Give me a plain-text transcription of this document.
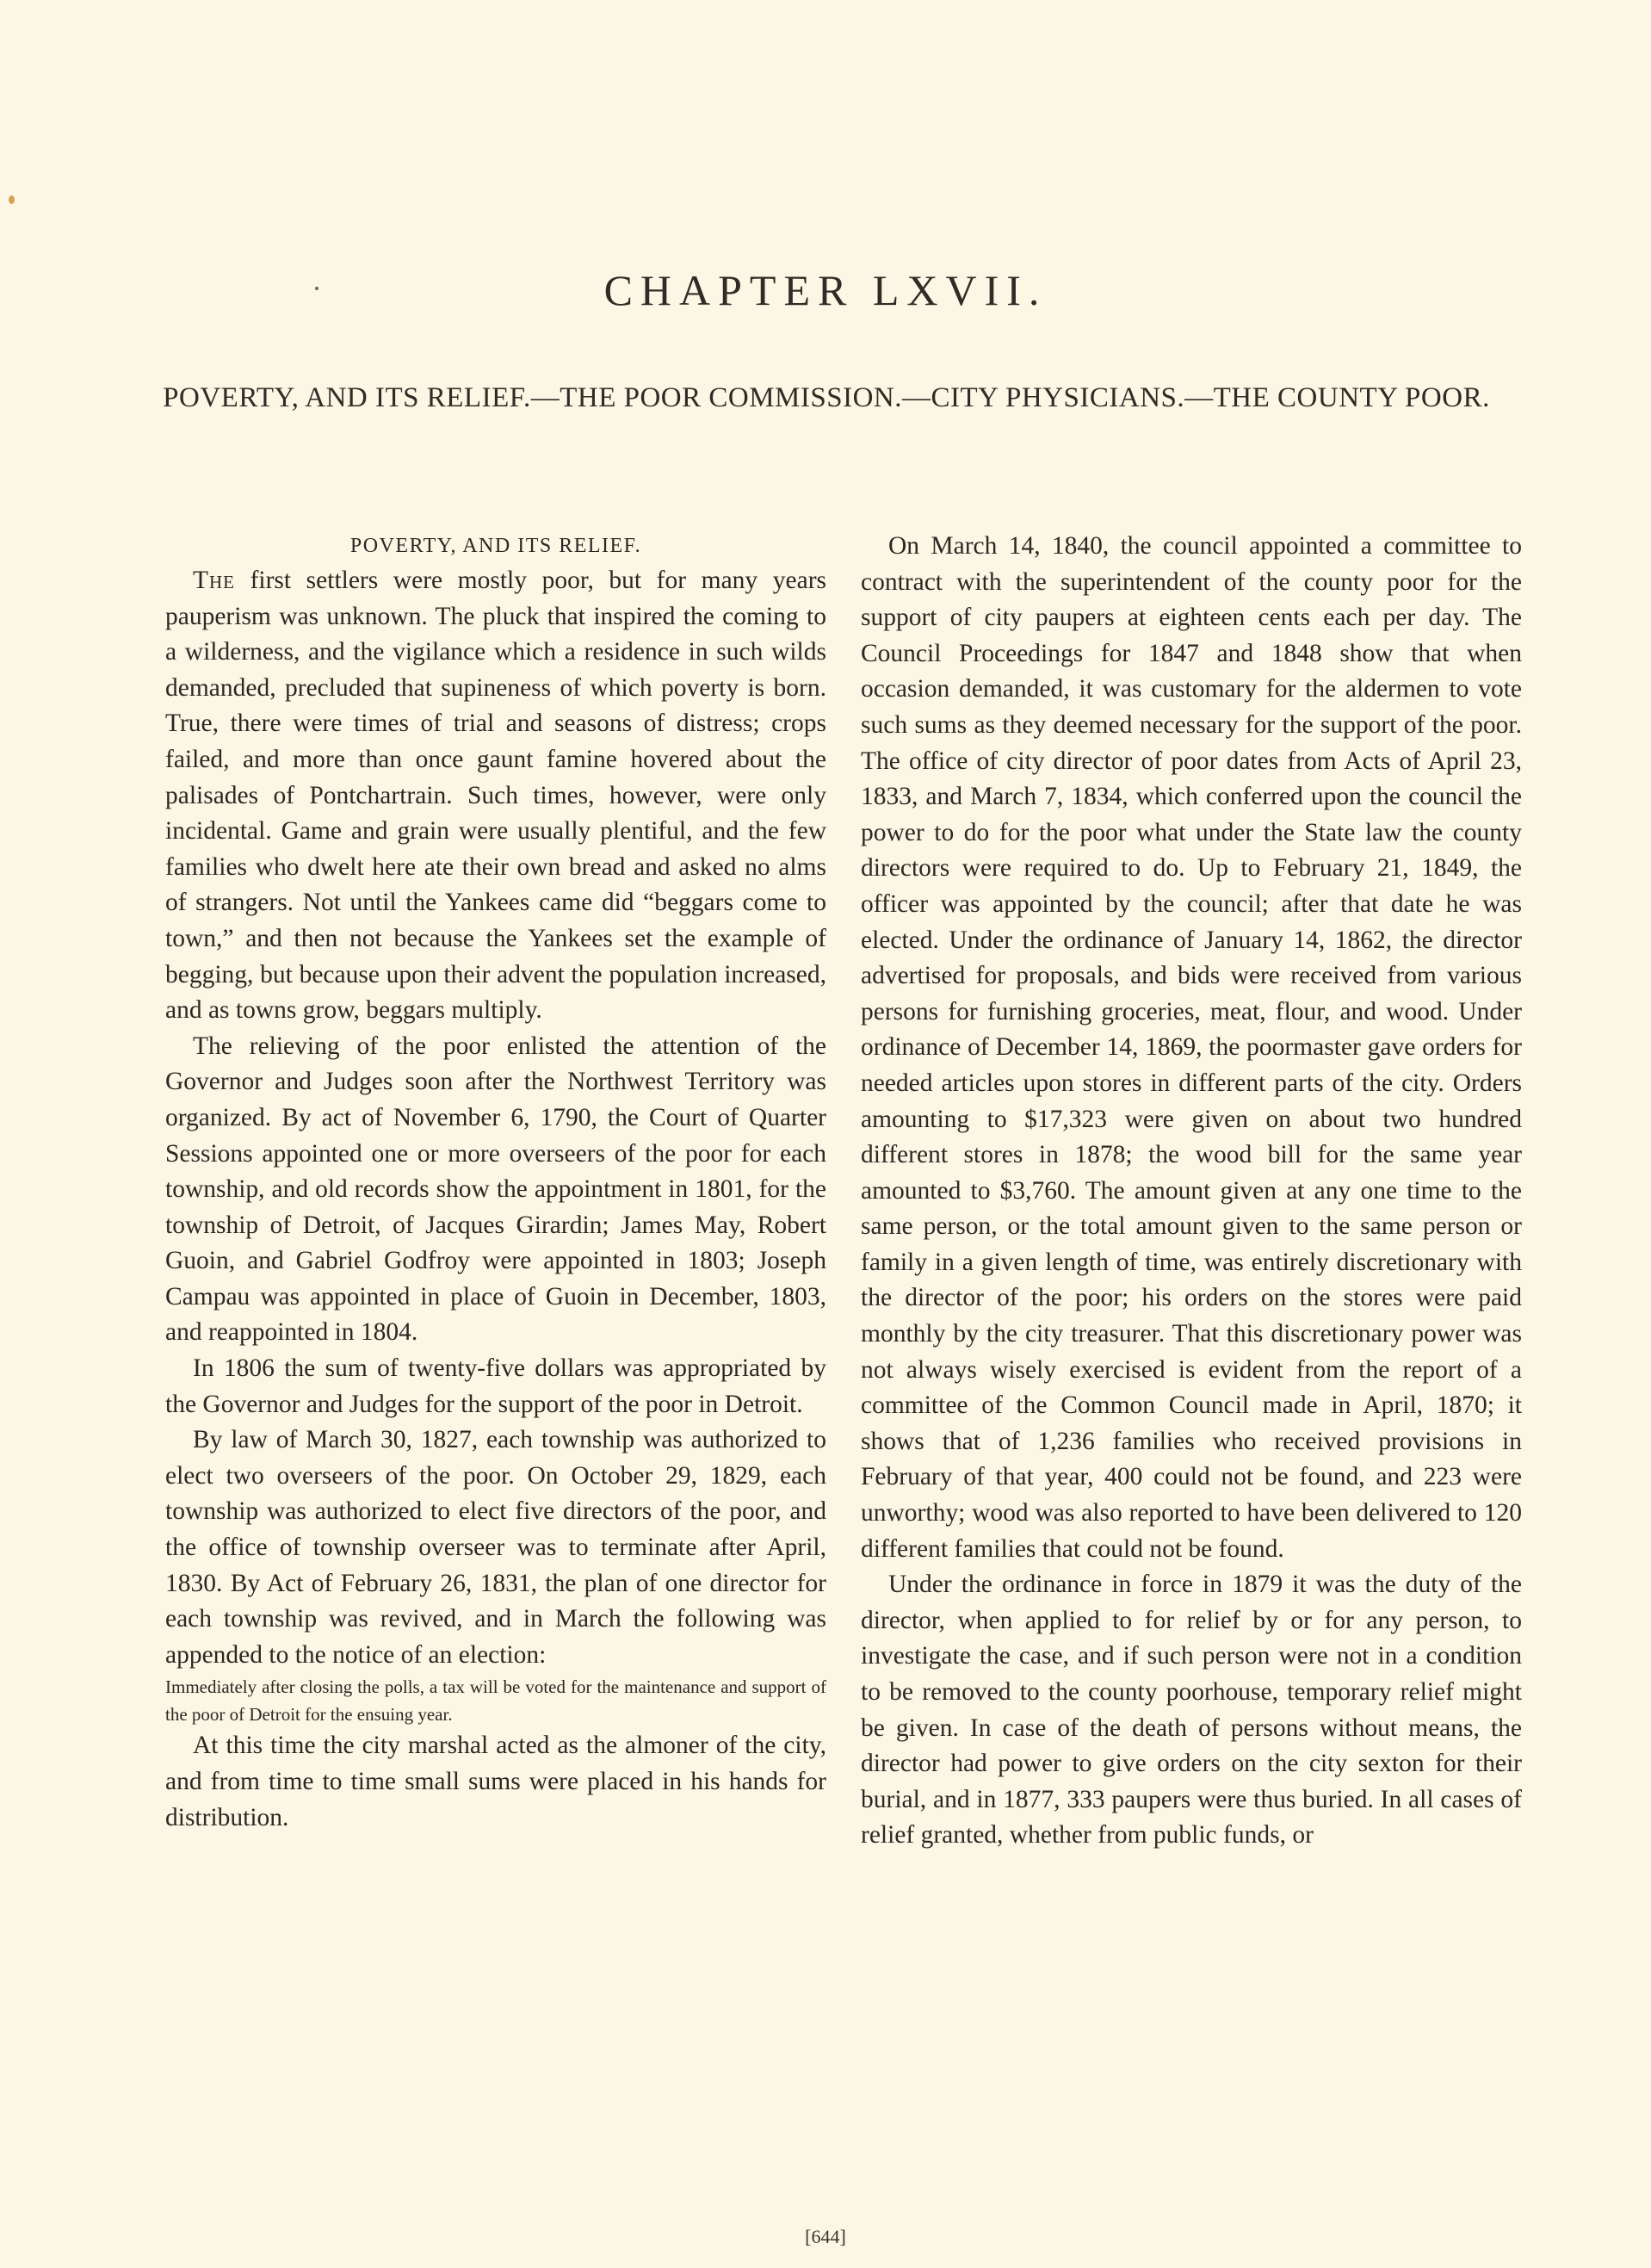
CHAPTER LXVII.
POVERTY, AND ITS RELIEF.—THE POOR COMMISSION.—CITY PHYSICIANS.—THE COUNTY POOR.

POVERTY, AND ITS RELIEF.

The first settlers were mostly poor, but for many years pauperism was unknown. The pluck that inspired the coming to a wilderness, and the vigilance which a residence in such wilds demanded, precluded that supineness of which poverty is born. True, there were times of trial and seasons of distress; crops failed, and more than once gaunt famine hovered about the palisades of Pontchartrain. Such times, however, were only incidental. Game and grain were usually plentiful, and the few families who dwelt here ate their own bread and asked no alms of strangers. Not until the Yankees came did “beggars come to town,” and then not because the Yankees set the example of begging, but because upon their advent the population increased, and as towns grow, beggars multiply.

The relieving of the poor enlisted the attention of the Governor and Judges soon after the Northwest Territory was organized. By act of November 6, 1790, the Court of Quarter Sessions appointed one or more overseers of the poor for each township, and old records show the appointment in 1801, for the township of Detroit, of Jacques Girardin; James May, Robert Guoin, and Gabriel Godfroy were appointed in 1803; Joseph Campau was appointed in place of Guoin in December, 1803, and reappointed in 1804.

In 1806 the sum of twenty-five dollars was appropriated by the Governor and Judges for the support of the poor in Detroit.

By law of March 30, 1827, each township was authorized to elect two overseers of the poor. On October 29, 1829, each township was authorized to elect five directors of the poor, and the office of township overseer was to terminate after April, 1830. By Act of February 26, 1831, the plan of one director for each township was revived, and in March the following was appended to the notice of an election:

Immediately after closing the polls, a tax will be voted for the maintenance and support of the poor of Detroit for the ensuing year.

At this time the city marshal acted as the almoner of the city, and from time to time small sums were placed in his hands for distribution.

On March 14, 1840, the council appointed a committee to contract with the superintendent of the county poor for the support of city paupers at eighteen cents each per day. The Council Proceedings for 1847 and 1848 show that when occasion demanded, it was customary for the aldermen to vote such sums as they deemed necessary for the support of the poor. The office of city director of poor dates from Acts of April 23, 1833, and March 7, 1834, which conferred upon the council the power to do for the poor what under the State law the county directors were required to do. Up to February 21, 1849, the officer was appointed by the council; after that date he was elected. Under the ordinance of January 14, 1862, the director advertised for proposals, and bids were received from various persons for furnishing groceries, meat, flour, and wood. Under ordinance of December 14, 1869, the poormaster gave orders for needed articles upon stores in different parts of the city. Orders amounting to $17,323 were given on about two hundred different stores in 1878; the wood bill for the same year amounted to $3,760. The amount given at any one time to the same person, or the total amount given to the same person or family in a given length of time, was entirely discretionary with the director of the poor; his orders on the stores were paid monthly by the city treasurer. That this discretionary power was not always wisely exercised is evident from the report of a committee of the Common Council made in April, 1870; it shows that of 1,236 families who received provisions in February of that year, 400 could not be found, and 223 were unworthy; wood was also reported to have been delivered to 120 different families that could not be found.

Under the ordinance in force in 1879 it was the duty of the director, when applied to for relief by or for any person, to investigate the case, and if such person were not in a condition to be removed to the county poorhouse, temporary relief might be given. In case of the death of persons without means, the director had power to give orders on the city sexton for their burial, and in 1877, 333 paupers were thus buried. In all cases of relief granted, whether from public funds, or

[644]
